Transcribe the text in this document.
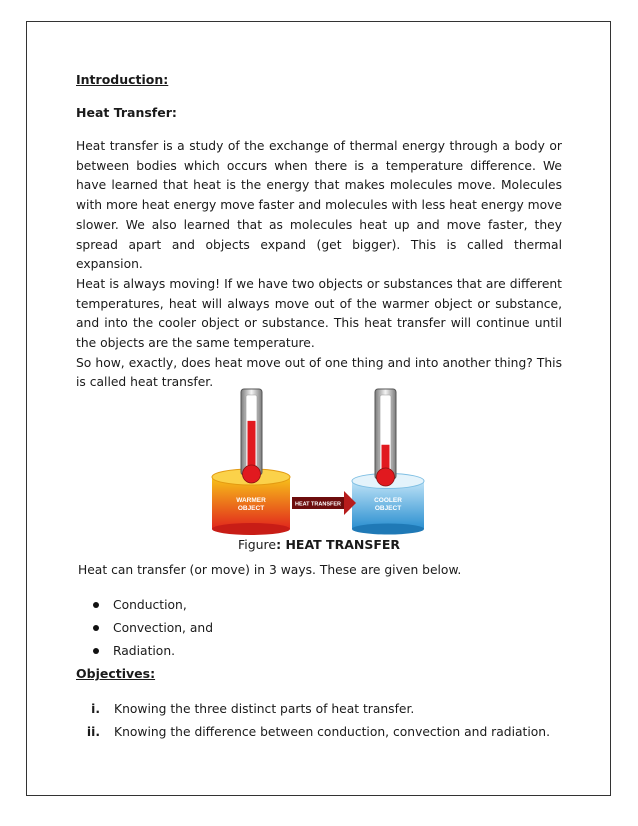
Introduction:
Heat Transfer:

Heat transfer is a study of the exchange of thermal energy through a body or between bodies which occurs when there is a temperature difference. We have learned that heat is the energy that makes molecules move. Molecules with more heat energy move faster and molecules with less heat energy move slower. We also learned that as molecules heat up and move faster, they spread apart and objects expand (get bigger). This is called thermal expansion.

Heat is always moving! If we have two objects or substances that are different temperatures, heat will always move out of the warmer object or substance, and into the cooler object or substance. This heat transfer will continue until the objects are the same temperature.

So how, exactly, does heat move out of one thing and into another thing? This is called heat transfer.

WARMER
OBJECT
COOLER
OBJECT
HEAT TRANSFER
Figure: HEAT TRANSFER
Heat can transfer (or move) in 3 ways. These are given below.
Conduction,
Convection, and
Radiation.
Objectives:
i. Knowing the three distinct parts of heat transfer.
ii. Knowing the difference between conduction, convection and radiation.
